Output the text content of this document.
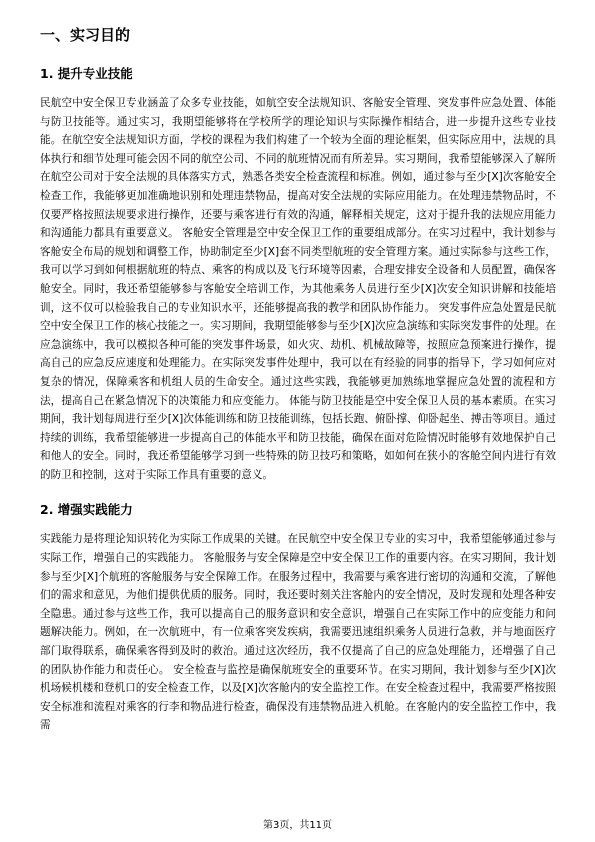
一、实习目的
1. 提升专业技能

民航空中安全保卫专业涵盖了众多专业技能，如航空安全法规知识、客舱安全管理、突发事件应急处置、体能与防卫技能等。通过实习，我期望能够将在学校所学的理论知识与实际操作相结合，进一步提升这些专业技能。在航空安全法规知识方面，学校的课程为我们构建了一个较为全面的理论框架，但实际应用中，法规的具体执行和细节处理可能会因不同的航空公司、不同的航班情况而有所差异。实习期间，我希望能够深入了解所在航空公司对于安全法规的具体落实方式，熟悉各类安全检查流程和标准。例如，通过参与至少[X]次客舱安全检查工作，我能够更加准确地识别和处理违禁物品，提高对安全法规的实际应用能力。在处理违禁物品时，不仅要严格按照法规要求进行操作，还要与乘客进行有效的沟通，解释相关规定，这对于提升我的法规应用能力和沟通能力都具有重要意义。 客舱安全管理是空中安全保卫工作的重要组成部分。在实习过程中，我计划参与客舱安全布局的规划和调整工作，协助制定至少[X]套不同类型航班的安全管理方案。通过实际参与这些工作，我可以学习到如何根据航班的特点、乘客的构成以及飞行环境等因素，合理安排安全设备和人员配置，确保客舱安全。同时，我还希望能够参与客舱安全培训工作，为其他乘务人员进行至少[X]次安全知识讲解和技能培训，这不仅可以检验我自己的专业知识水平，还能够提高我的教学和团队协作能力。 突发事件应急处置是民航空中安全保卫工作的核心技能之一。实习期间，我期望能够参与至少[X]次应急演练和实际突发事件的处理。在应急演练中，我可以模拟各种可能的突发事件场景，如火灾、劫机、机械故障等，按照应急预案进行操作，提高自己的应急反应速度和处理能力。在实际突发事件处理中，我可以在有经验的同事的指导下，学习如何应对复杂的情况，保障乘客和机组人员的生命安全。通过这些实践，我能够更加熟练地掌握应急处置的流程和方法，提高自己在紧急情况下的决策能力和应变能力。 体能与防卫技能是空中安全保卫人员的基本素质。在实习期间，我计划每周进行至少[X]次体能训练和防卫技能训练，包括长跑、俯卧撑、仰卧起坐、搏击等项目。通过持续的训练，我希望能够进一步提高自己的体能水平和防卫技能，确保在面对危险情况时能够有效地保护自己和他人的安全。同时，我还希望能够学习到一些特殊的防卫技巧和策略，如如何在狭小的客舱空间内进行有效的防卫和控制，这对于实际工作具有重要的意义。

2. 增强实践能力

实践能力是将理论知识转化为实际工作成果的关键。在民航空中安全保卫专业的实习中，我希望能够通过参与实际工作，增强自己的实践能力。 客舱服务与安全保障是空中安全保卫工作的重要内容。在实习期间，我计划参与至少[X]个航班的客舱服务与安全保障工作。在服务过程中，我需要与乘客进行密切的沟通和交流，了解他们的需求和意见，为他们提供优质的服务。同时，我还要时刻关注客舱内的安全情况，及时发现和处理各种安全隐患。通过参与这些工作，我可以提高自己的服务意识和安全意识，增强自己在实际工作中的应变能力和问题解决能力。例如，在一次航班中，有一位乘客突发疾病，我需要迅速组织乘务人员进行急救，并与地面医疗部门取得联系，确保乘客得到及时的救治。通过这次经历，我不仅提高了自己的应急处理能力，还增强了自己的团队协作能力和责任心。 安全检查与监控是确保航班安全的重要环节。在实习期间，我计划参与至少[X]次机场候机楼和登机口的安全检查工作，以及[X]次客舱内的安全监控工作。在安全检查过程中，我需要严格按照安全标准和流程对乘客的行李和物品进行检查，确保没有违禁物品进入机舱。在客舱内的安全监控工作中，我需

第3页，共11页
